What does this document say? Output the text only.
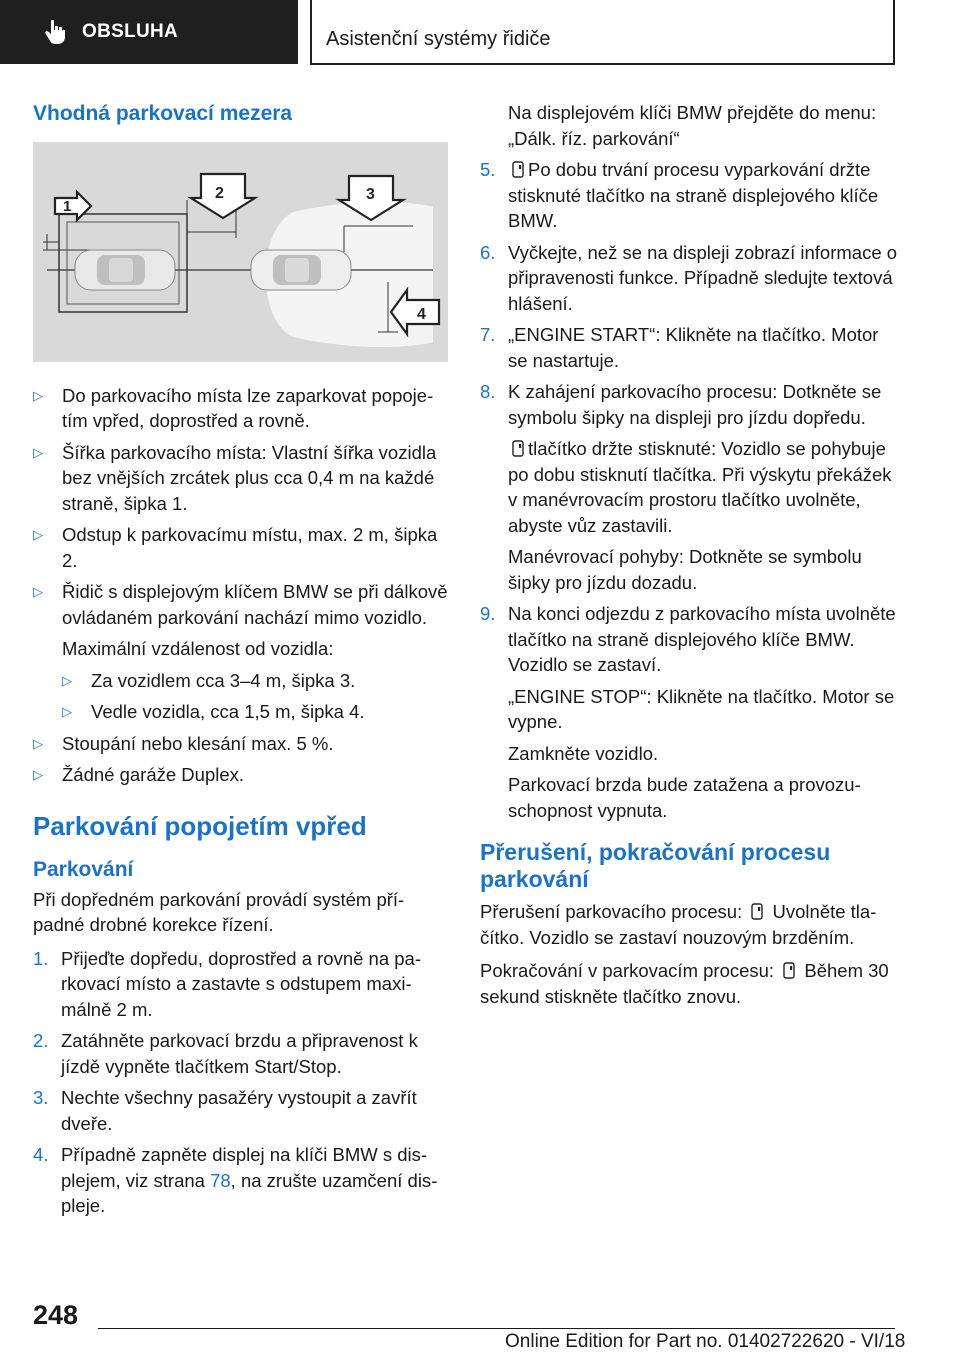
OBSLUHA	Asistenční systémy řidiče
Vhodná parkovací mezera
1
2	3
4
▷	Do parkovacího místa lze zaparkovat popojetím vpřed, doprostřed a rovně.
▷	Šířka parkovacího místa: Vlastní šířka vozidla bez vnějších zrcátek plus cca 0,4 m na každé straně, šipka 1.
▷	Odstup k parkovacímu místu, max. 2 m, šipka 2.
▷	Řidič s displejovým klíčem BMW se při dálkově ovládaném parkování nachází mimo vozidlo.
Maximální vzdálenost od vozidla:
▷	Za vozidlem cca 3–4 m, šipka 3.
▷	Vedle vozidla, cca 1,5 m, šipka 4.
▷	Stoupání nebo klesání max. 5 %.
▷	Žádné garáže Duplex.
Parkování popojetím vpřed
Parkování
Při dopředném parkování provádí systém případné drobné korekce řízení.
1. Přijeďte dopředu, doprostřed a rovně na parkovací místo a zastavte s odstupem maximálně 2 m.
2. Zatáhněte parkovací brzdu a připravenost k jízdě vypněte tlačítkem Start/Stop.
3. Nechte všechny pasažéry vystoupit a zavřít dveře.
4. Případně zapněte displej na klíči BMW s displejem, viz strana 78, na zrušte uzamčení displeje.
Na displejovém klíči BMW přejděte do menu: „Dálk. říz. parkování“
5.	Po dobu trvání procesu vyparkování držte stisknuté tlačítko na straně displejového klíče BMW.
6. Vyčkejte, než se na displeji zobrazí informace o připravenosti funkce. Případně sledujte textová hlášení.
7. „ENGINE START“: Klikněte na tlačítko. Motor se nastartuje.
8. K zahájení parkovacího procesu: Dotkněte se symbolu šipky na displeji pro jízdu dopředu.
tlačítko držte stisknuté: Vozidlo se pohybuje po dobu stisknutí tlačítka. Při výskytu překážek v manévrovacím prostoru tlačítko uvolněte, abyste vůz zastavili.
Manévrovací pohyby: Dotkněte se symbolu šipky pro jízdu dozadu.
9. Na konci odjezdu z parkovacího místa uvolněte tlačítko na straně displejového klíče BMW. Vozidlo se zastaví.
„ENGINE STOP“: Klikněte na tlačítko. Motor se vypne.
Zamkněte vozidlo.
Parkovací brzda bude zatažena a provozuschopnost vypnuta.
Přerušení, pokračování procesu parkování
Přerušení parkovacího procesu:  Uvolněte tlačítko. Vozidlo se zastaví nouzovým brzděním.
Pokračování v parkovacím procesu:  Během 30 sekund stiskněte tlačítko znovu.
248
Online Edition for Part no. 01402722620 - VI/18
